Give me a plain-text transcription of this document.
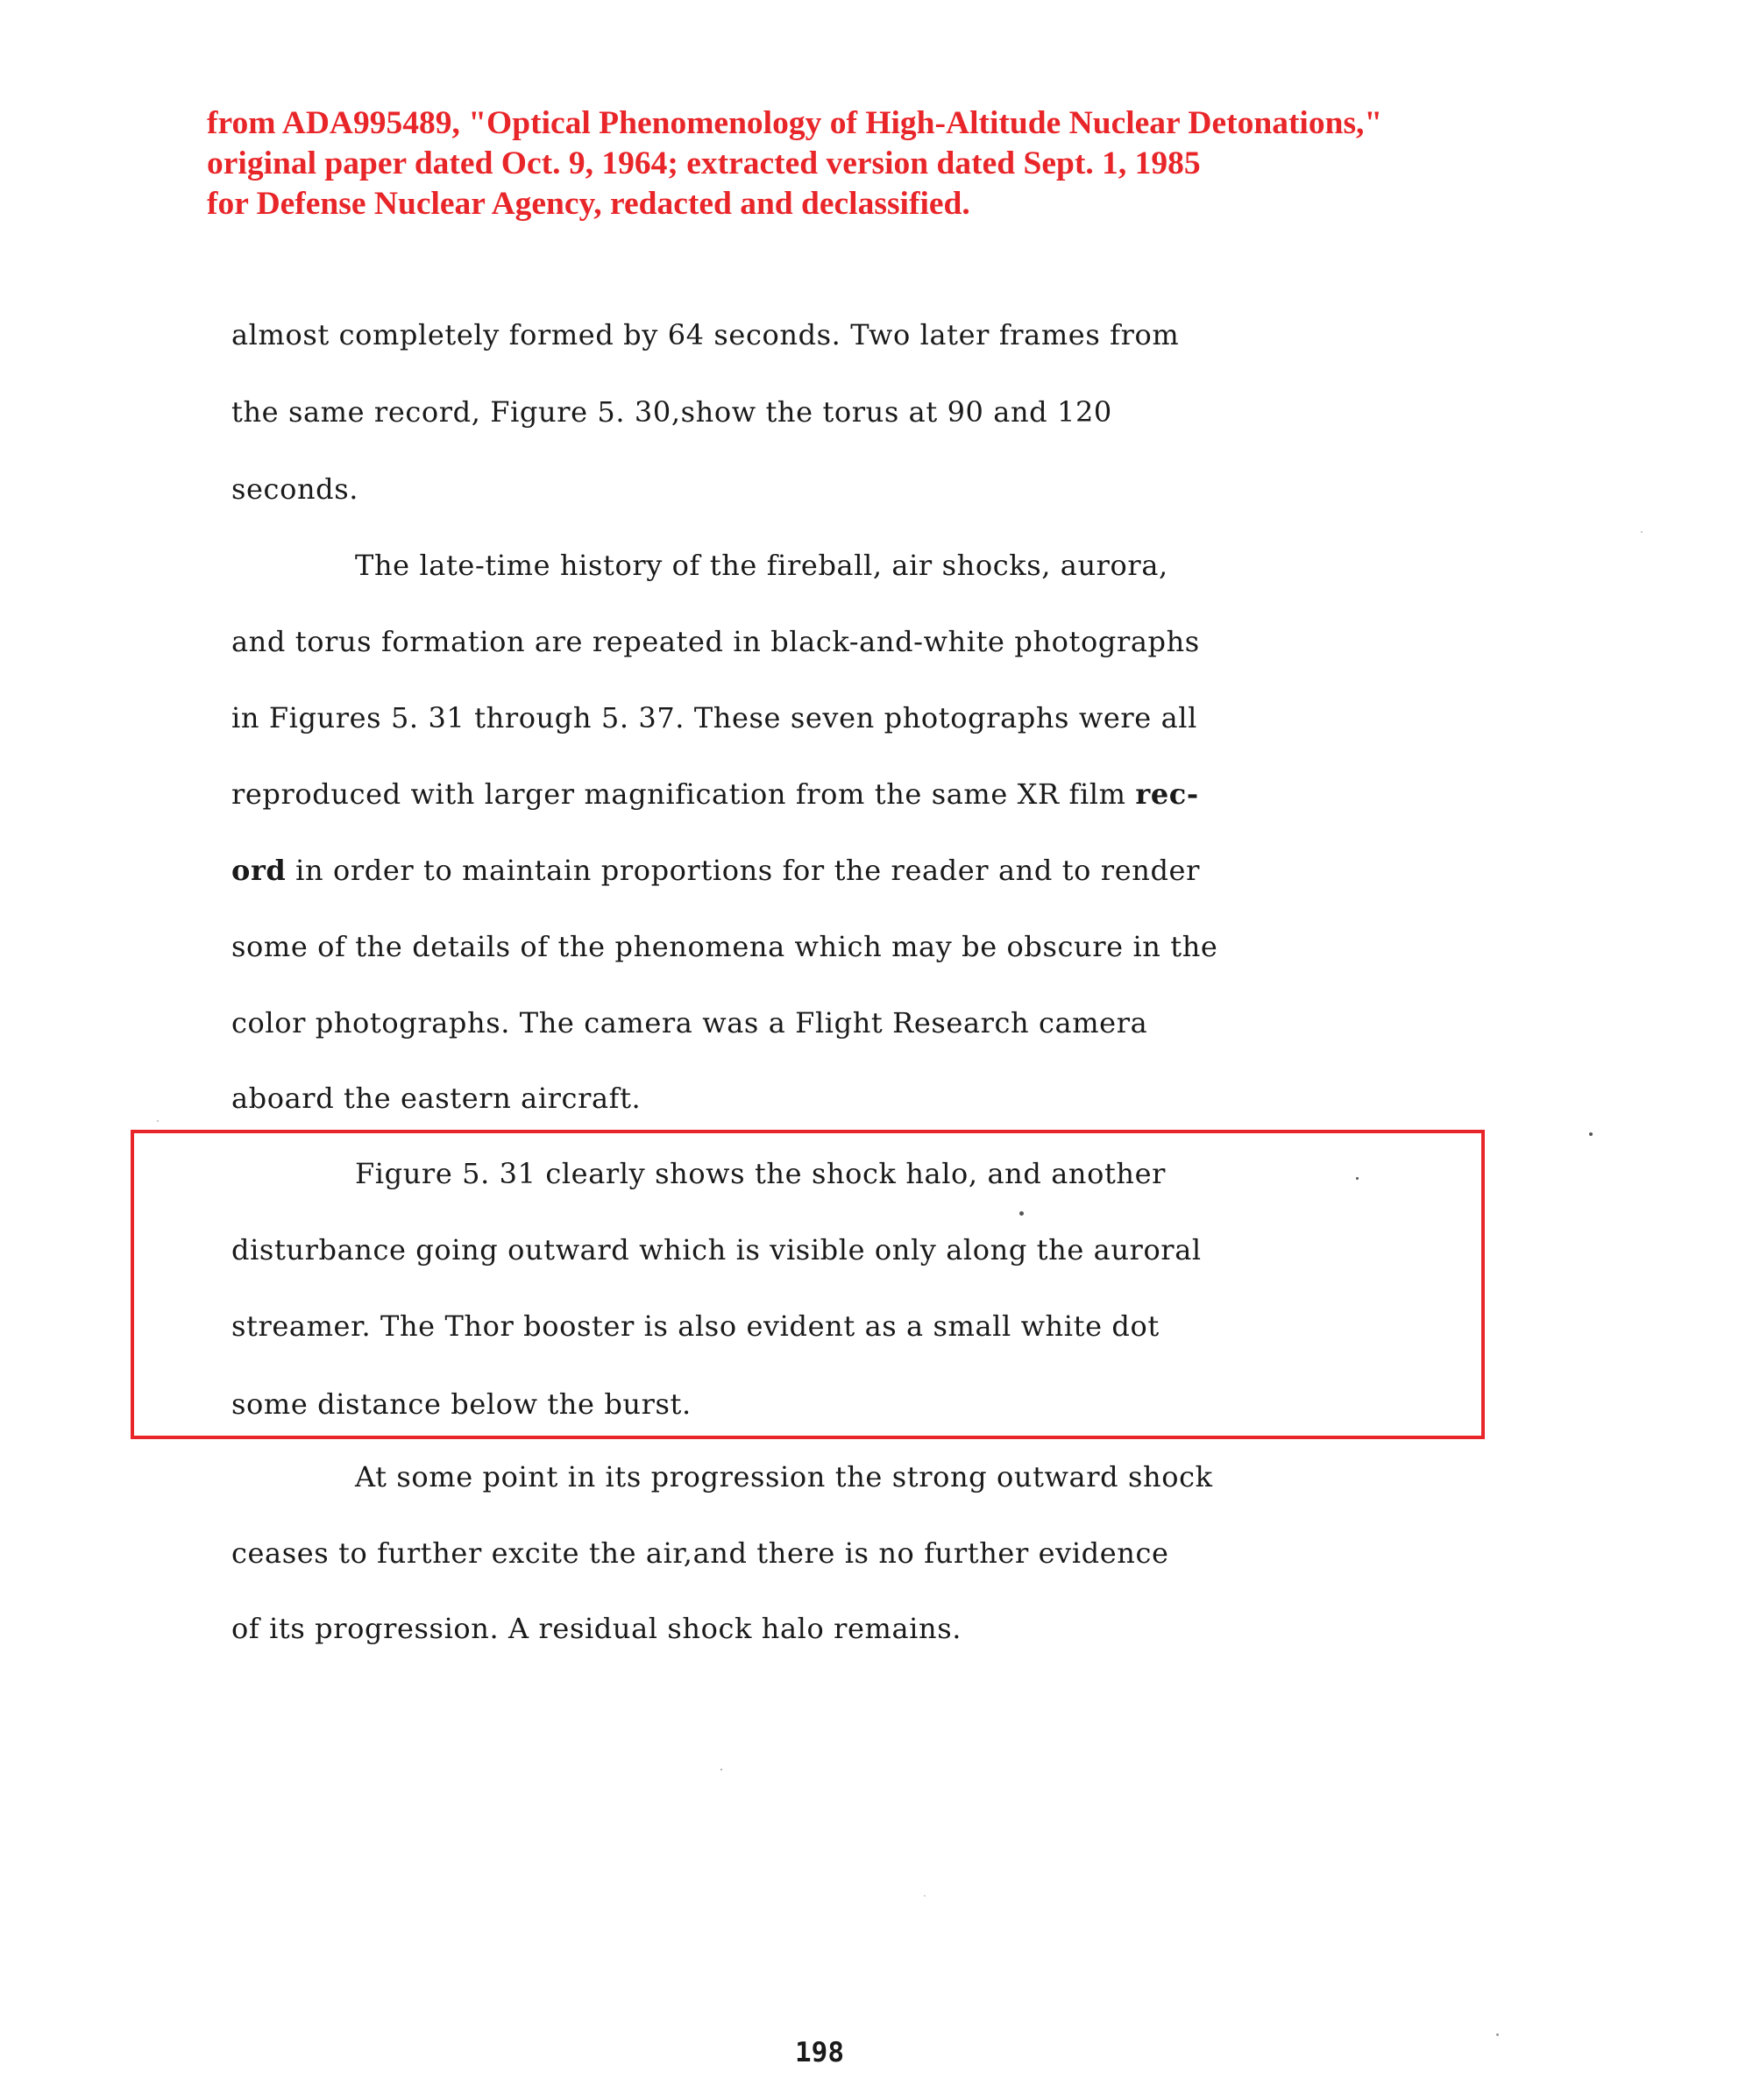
from ADA995489, "Optical Phenomenology of High-Altitude Nuclear Detonations,"
original paper dated Oct. 9, 1964; extracted version dated Sept. 1, 1985
for Defense Nuclear Agency, redacted and declassified.
almost completely formed by 64 seconds. Two later frames from
the same record, Figure 5. 30,show the torus at 90 and 120
seconds.
The late-time history of the fireball, air shocks, aurora,
and torus formation are repeated in black-and-white photographs
in Figures 5. 31 through 5. 37. These seven photographs were all
reproduced with larger magnification from the same XR film rec-
ord in order to maintain proportions for the reader and to render
some of the details of the phenomena which may be obscure in the
color photographs. The camera was a Flight Research camera
aboard the eastern aircraft.
Figure 5. 31 clearly shows the shock halo, and another
disturbance going outward which is visible only along the auroral
streamer. The Thor booster is also evident as a small white dot
some distance below the burst.
At some point in its progression the strong outward shock
ceases to further excite the air,and there is no further evidence
of its progression. A residual shock halo remains.
198
